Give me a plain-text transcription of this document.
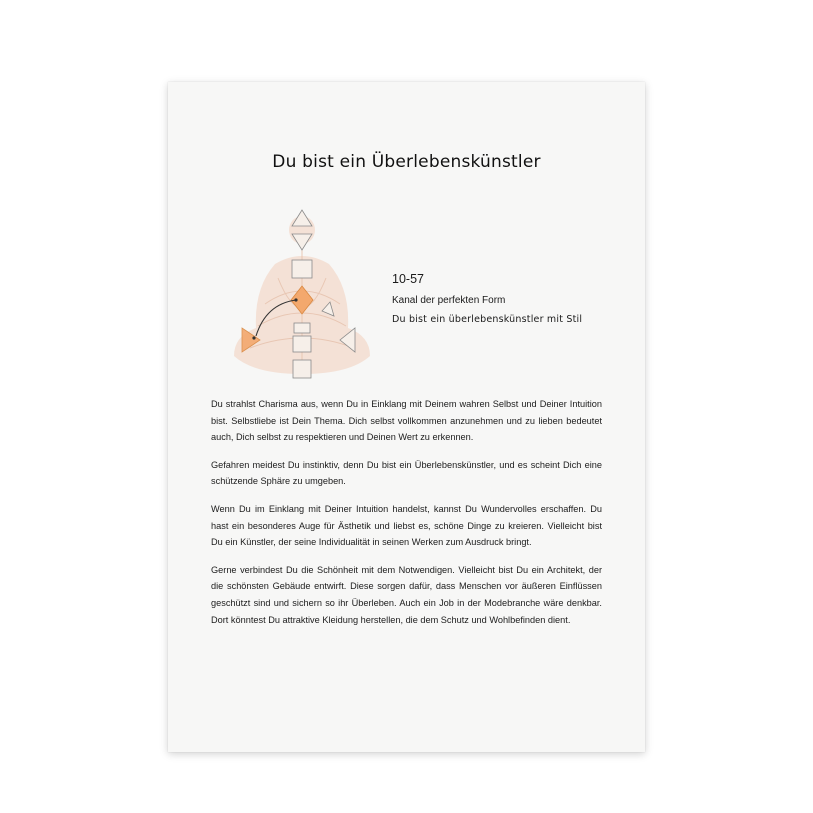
Du bist ein Überlebenskünstler
10-57
Kanal der perfekten Form
Du bist ein überlebenskünstler mit Stil

Du strahlst Charisma aus, wenn Du in Einklang mit Deinem wahren Selbst und Deiner Intuition bist. Selbstliebe ist Dein Thema. Dich selbst vollkommen anzunehmen und zu lieben bedeutet auch, Dich selbst zu respektieren und Deinen Wert zu erkennen.

Gefahren meidest Du instinktiv, denn Du bist ein Überlebenskünstler, und es scheint Dich eine schützende Sphäre zu umgeben.

Wenn Du im Einklang mit Deiner Intuition handelst, kannst Du Wundervolles erschaffen. Du hast ein besonderes Auge für Ästhetik und liebst es, schöne Dinge zu kreieren. Vielleicht bist Du ein Künstler, der seine Individualität in seinen Werken zum Ausdruck bringt.

Gerne verbindest Du die Schönheit mit dem Notwendigen. Vielleicht bist Du ein Architekt, der die schönsten Gebäude entwirft. Diese sorgen dafür, dass Menschen vor äußeren Einflüssen geschützt sind und sichern so ihr Überleben. Auch ein Job in der Modebranche wäre denkbar. Dort könntest Du attraktive Kleidung herstellen, die dem Schutz und Wohlbefinden dient.
